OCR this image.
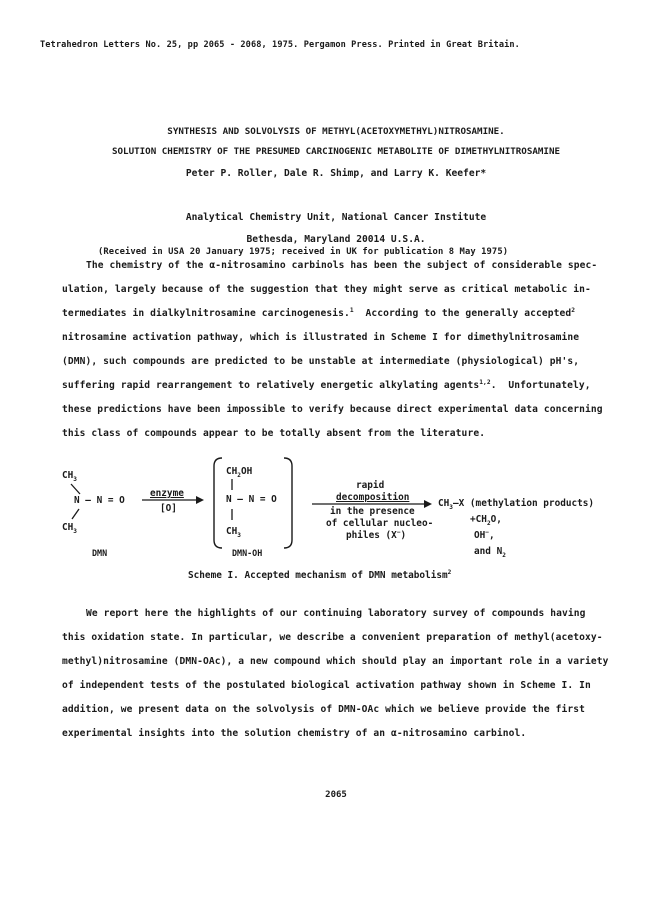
Tetrahedron Letters No. 25, pp 2065 - 2068, 1975. Pergamon Press. Printed in Great Britain.
SYNTHESIS AND SOLVOLYSIS OF METHYL(ACETOXYMETHYL)NITROSAMINE.
SOLUTION CHEMISTRY OF THE PRESUMED CARCINOGENIC METABOLITE OF DIMETHYLNITROSAMINE
Peter P. Roller, Dale R. Shimp, and Larry K. Keefer*
Analytical Chemistry Unit, National Cancer Institute
Bethesda, Maryland 20014 U.S.A.
(Received in USA 20 January 1975; received in UK for publication 8 May 1975)
The chemistry of the α-nitrosamino carbinols has been the subject of considerable spec-
ulation, largely because of the suggestion that they might serve as critical metabolic in-
termediates in dialkylnitrosamine carcinogenesis.$^1$ According to the generally accepted$^2$
nitrosamine activation pathway, which is illustrated in Scheme I for dimethylnitrosamine
(DMN), such compounds are predicted to be unstable at intermediate (physiological) pH's,
suffering rapid rearrangement to relatively energetic alkylating agents$^{1,2}$.  Unfortunately,
these predictions have been impossible to verify because direct experimental data concerning
this class of compounds appear to be totally absent from the literature.
$CH_3$
N — N = O
$CH_3$
DMN
enzyme
[O]
$CH_2OH$
N — N = O
$CH_3$
DMN-OH
rapid
decomposition
in the presence
of cellular nucleo-
philes (X−)
$CH_3—X$ (methylation products)
$+CH_2O$,
OH−,
and $N_2$
Scheme I. Accepted mechanism of DMN metabolism$^2$
We report here the highlights of our continuing laboratory survey of compounds having
this oxidation state. In particular, we describe a convenient preparation of methyl(acetoxy-
methyl)nitrosamine (DMN-OAc), a new compound which should play an important role in a variety
of independent tests of the postulated biological activation pathway shown in Scheme I. In
addition, we present data on the solvolysis of DMN-OAc which we believe provide the first
experimental insights into the solution chemistry of an α-nitrosamino carbinol.
2065
